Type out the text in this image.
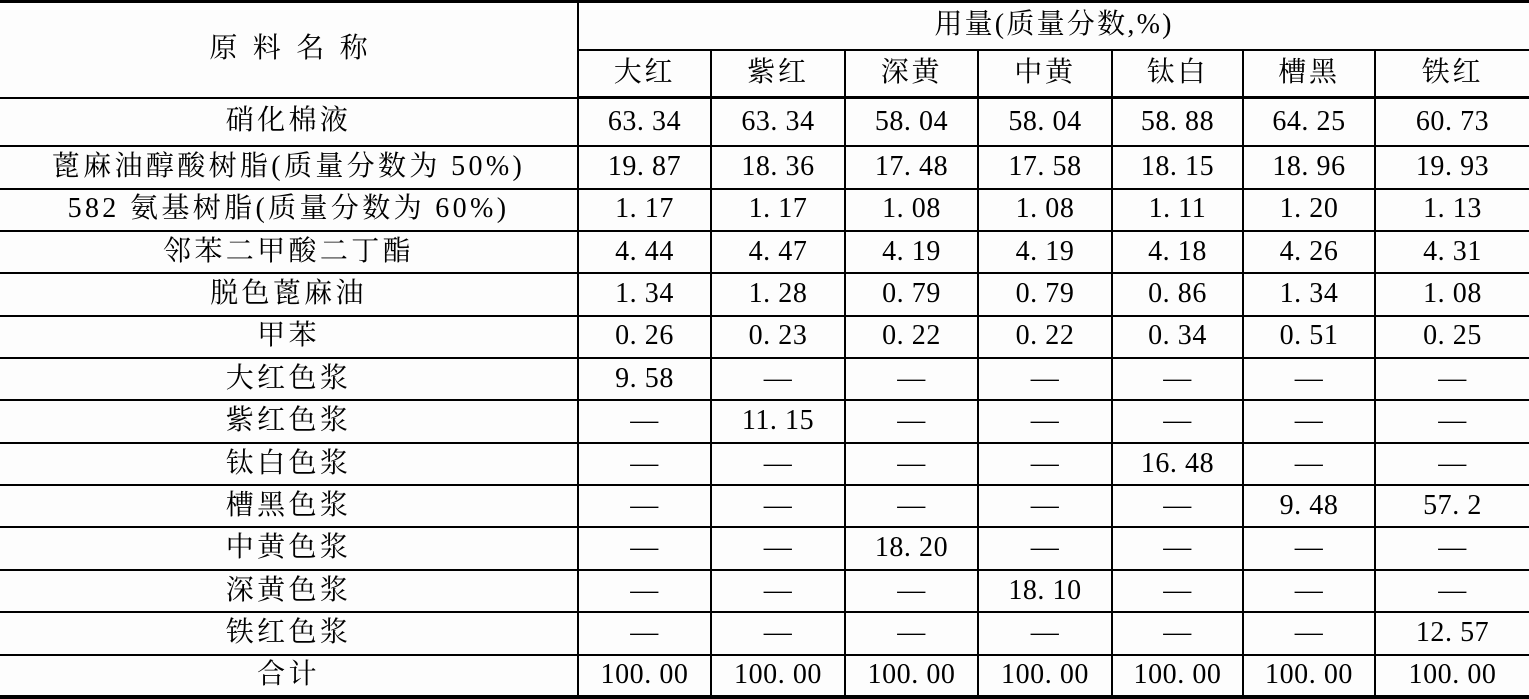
原料名称	用量(质量分数,%)						
	大红	紫红	深黄	中黄	钛白	槽黑	铁红
硝化棉液	63. 34	63. 34	58. 04	58. 04	58. 88	64. 25	60. 73
蓖麻油醇酸树脂(质量分数为 50%)	19. 87	18. 36	17. 48	17. 58	18. 15	18. 96	19. 93
582 氨基树脂(质量分数为 60%)	1. 17	1. 17	1. 08	1. 08	1. 11	1. 20	1. 13
邻苯二甲酸二丁酯	4. 44	4. 47	4. 19	4. 19	4. 18	4. 26	4. 31
脱色蓖麻油	1. 34	1. 28	0. 79	0. 79	0. 86	1. 34	1. 08
甲苯	0. 26	0. 23	0. 22	0. 22	0. 34	0. 51	0. 25
大红色浆	9. 58	—	—	—	—	—	—
紫红色浆	—	11. 15	—	—	—	—	—
钛白色浆	—	—	—	—	16. 48	—	—
槽黑色浆	—	—	—	—	—	9. 48	57. 2
中黄色浆	—	—	18. 20	—	—	—	—
深黄色浆	—	—	—	18. 10	—	—	—
铁红色浆	—	—	—	—	—	—	12. 57
合计	100. 00	100. 00	100. 00	100. 00	100. 00	100. 00	100. 00
